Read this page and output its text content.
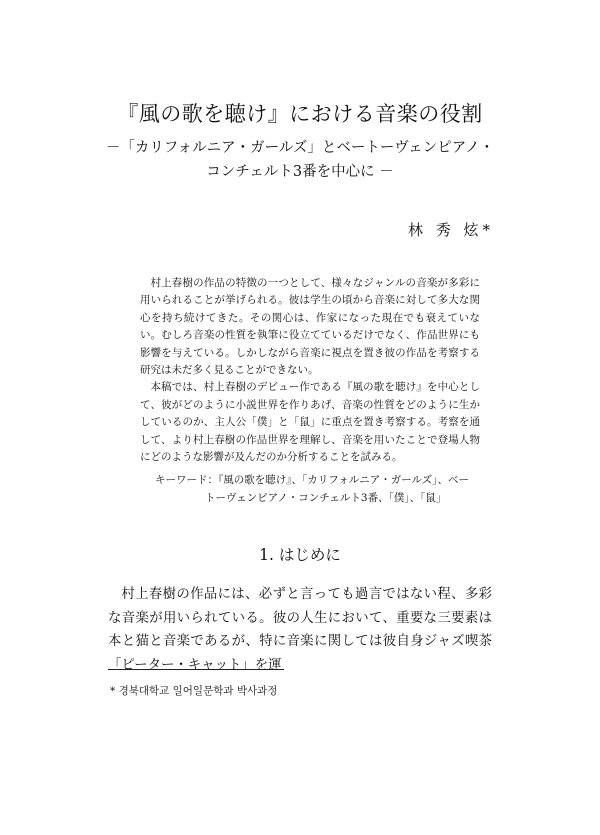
『風の歌を聴け』における音楽の役割
－「カリフォルニア・ガールズ」とベートーヴェンピアノ・
コンチェルト3番を中心に －
林 秀 炫*

村上春樹の作品の特徴の一つとして、様々なジャンルの音楽が多彩に用いられることが挙げられる。彼は学生の頃から音楽に対して多大な関心を持ち続けてきた。その関心は、作家になった現在でも衰えていない。むしろ音楽の性質を執筆に役立てているだけでなく、作品世界にも影響を与えている。しかしながら音楽に視点を置き彼の作品を考察する研究は未だ多く見ることができない。

本稿では、村上春樹のデビュー作である『風の歌を聴け』を中心として、彼がどのように小説世界を作りあげ、音楽の性質をどのように生かしているのか、主人公「僕」と「鼠」に重点を置き考察する。考察を通して、より村上春樹の作品世界を理解し、音楽を用いたことで登場人物にどのような影響が及んだのか分析することを試みる。

キーワード：『風の歌を聴け』、「カリフォルニア・ガールズ」、ベートーヴェンピアノ・コンチェルト3番、「僕」、「鼠」
1. はじめに

村上春樹の作品には、必ずと言っても過言ではない程、多彩な音楽が用いられている。彼の人生において、重要な三要素は本と猫と音楽であるが、特に音楽に関しては彼自身ジャズ喫茶「ピーター・キャット」を運

* 경북대학교 일어일문학과 박사과정
